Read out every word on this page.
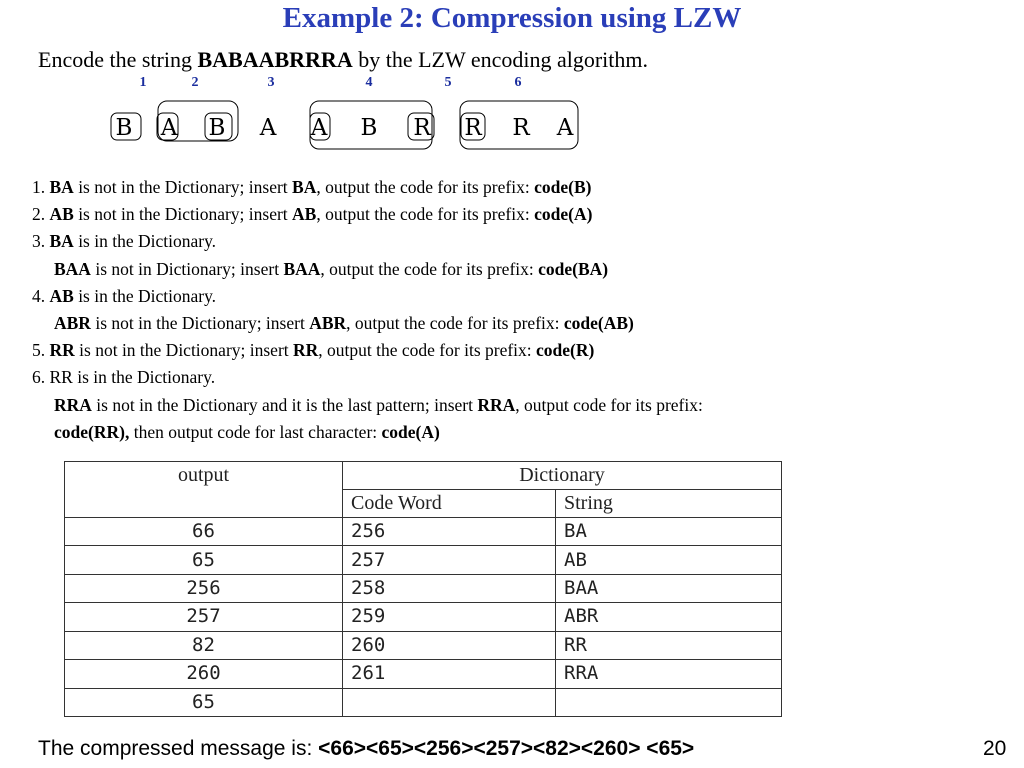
Example 2: Compression using LZW
Encode the string BABAABRRRA by the LZW encoding algorithm.
1	2	3	4	5	6
B A B A A B R R R A
1. BA is not in the Dictionary; insert BA, output the code for its prefix: code(B)
2. AB is not in the Dictionary; insert AB, output the code for its prefix: code(A)
3. BA is in the Dictionary.
BAA is not in Dictionary; insert BAA, output the code for its prefix: code(BA)
4. AB is in the Dictionary.
ABR is not in the Dictionary; insert ABR, output the code for its prefix: code(AB)
5. RR is not in the Dictionary; insert RR, output the code for its prefix: code(R)
6. RR is in the Dictionary.
RRA is not in the Dictionary and it is the last pattern; insert RRA, output code for its prefix:
code(RR), then output code for last character: code(A)
output	Dictionary	
	Code Word	String
66	256	BA
65	257	AB
256	258	BAA
257	259	ABR
82	260	RR
260	261	RRA
65		
The compressed message is: <66><65><256><257><82><260> <65>	20
